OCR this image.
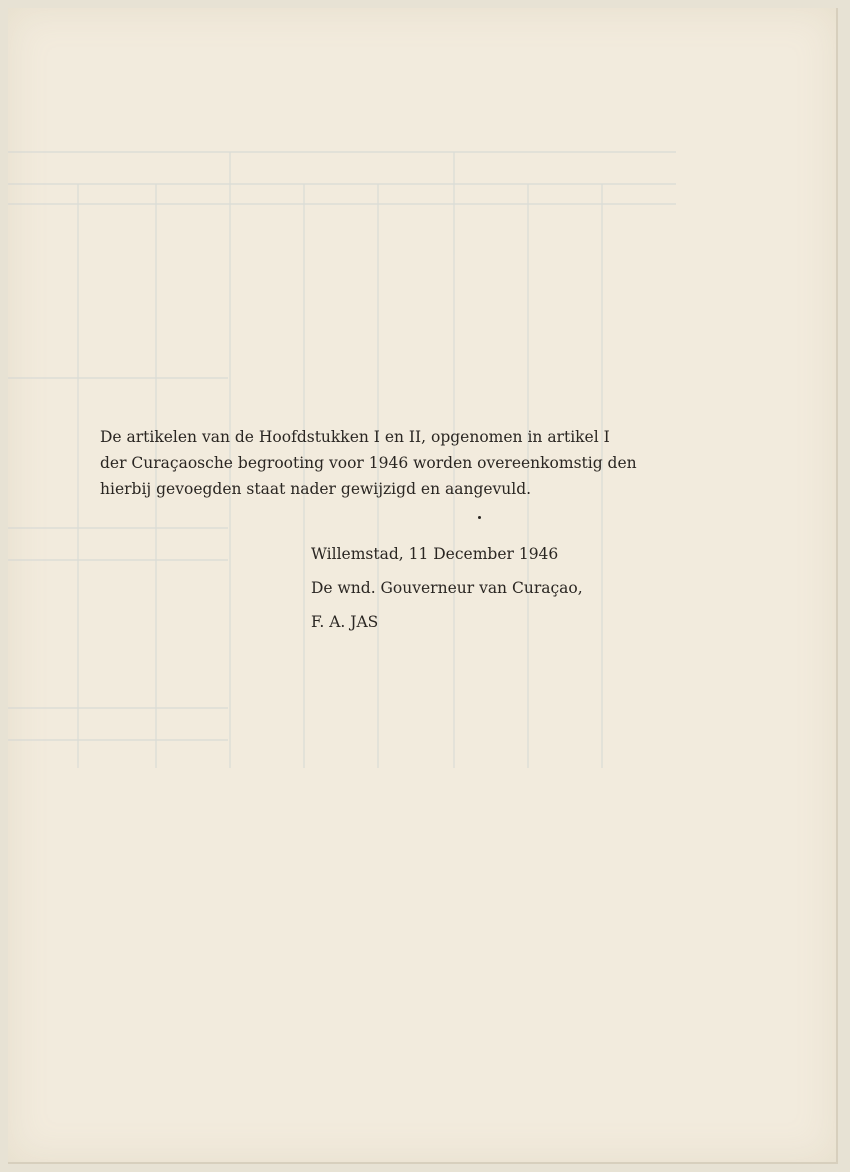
De artikelen van de Hoofdstukken I en II, opgenomen in artikel I
der Curaçaosche begrooting voor 1946 worden overeenkomstig den
hierbij gevoegden staat nader gewijzigd en aangevuld.

Willemstad, 11 December 1946
De wnd. Gouverneur van Curaçao,
F. A. JAS
